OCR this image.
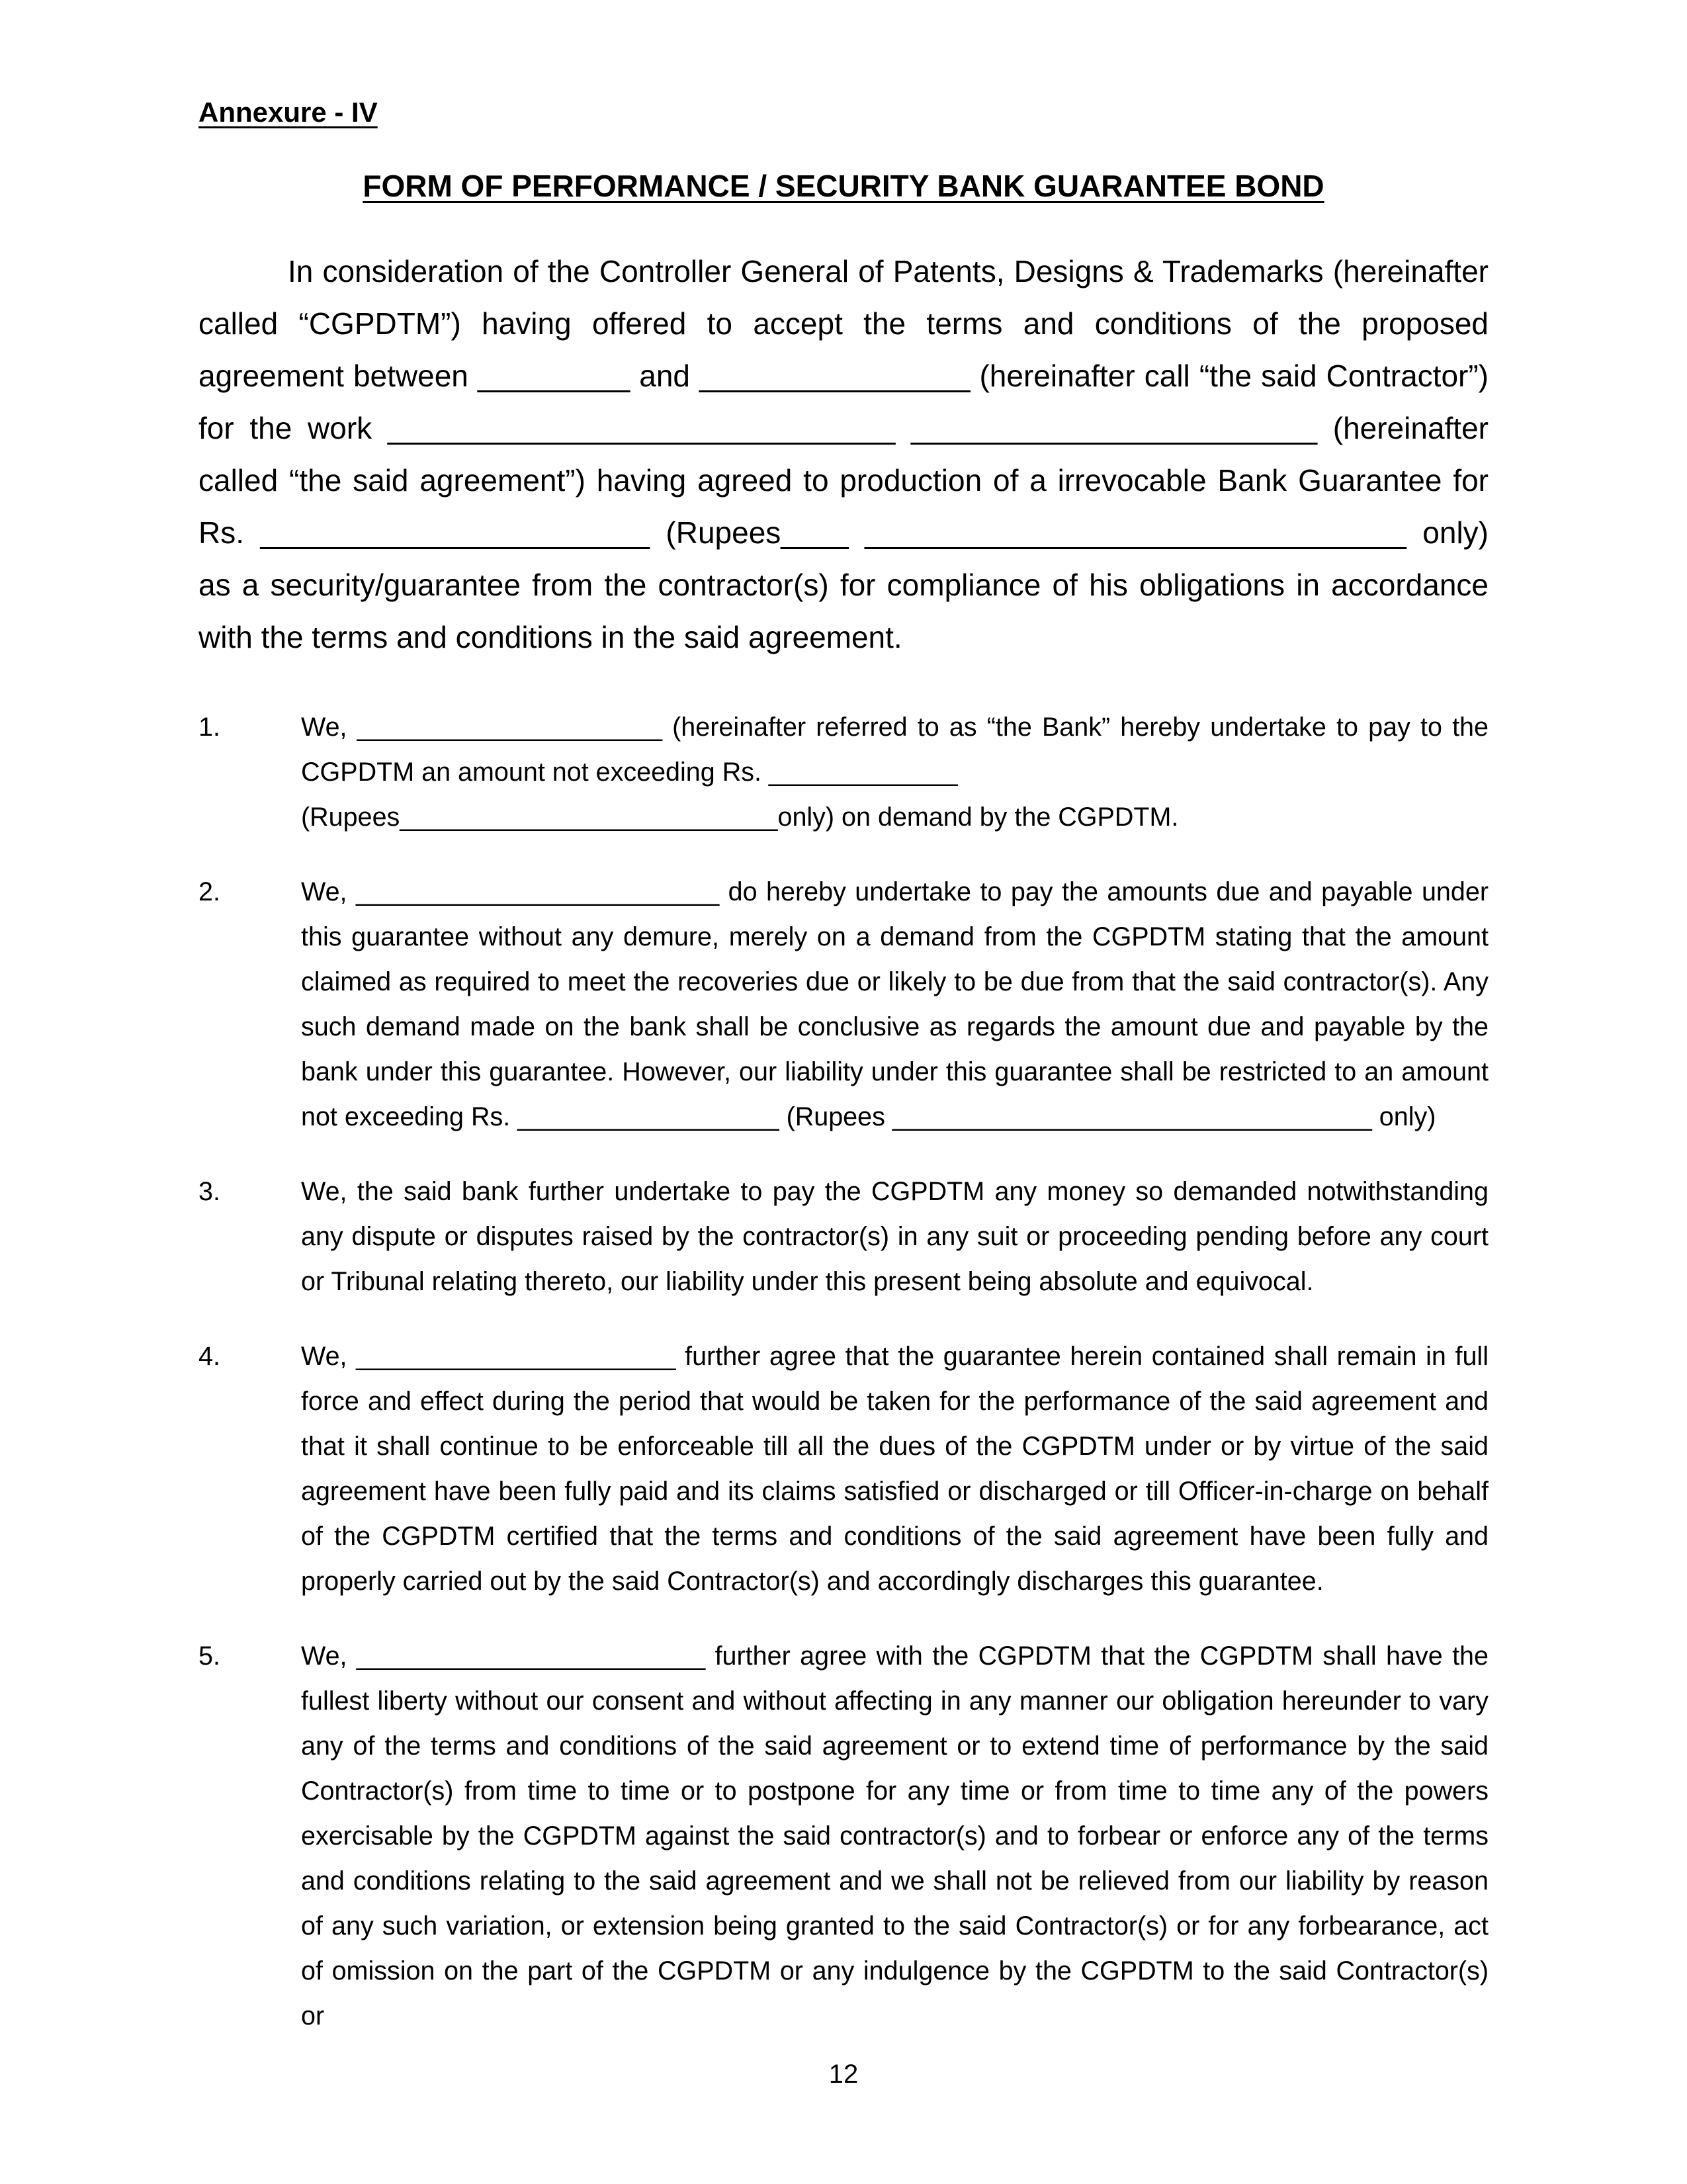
Annexure - IV
FORM OF PERFORMANCE / SECURITY BANK GUARANTEE BOND

In consideration of the Controller General of Patents, Designs & Trademarks (hereinafter called “CGPDTM”) having offered to accept the terms and conditions of the proposed agreement between _________ and ________________ (hereinafter call “the said Contractor”) for the work ______________________________ ________________________ (hereinafter called “the said agreement”) having agreed to production of a irrevocable Bank Guarantee for Rs. _______________________ (Rupees____ ________________________________ only) as a security/guarantee from the contractor(s) for compliance of his obligations in accordance with the terms and conditions in the said agreement.

1.	We, _____________________ (hereinafter referred to as “the Bank” hereby undertake to pay to the CGPDTM an amount not exceeding Rs. _____________
(Rupees__________________________only) on demand by the CGPDTM.
2.	We, _________________________ do hereby undertake to pay the amounts due and payable under this guarantee without any demure, merely on a demand from the CGPDTM stating that the amount claimed as required to meet the recoveries due or likely to be due from that the said contractor(s). Any such demand made on the bank shall be conclusive as regards the amount due and payable by the bank under this guarantee. However, our liability under this guarantee shall be restricted to an amount not exceeding Rs. __________________ (Rupees _________________________________ only)
3.	We, the said bank further undertake to pay the CGPDTM any money so demanded notwithstanding any dispute or disputes raised by the contractor(s) in any suit or proceeding pending before any court or Tribunal relating thereto, our liability under this present being absolute and equivocal.
4.	We, ______________________ further agree that the guarantee herein contained shall remain in full force and effect during the period that would be taken for the performance of the said agreement and that it shall continue to be enforceable till all the dues of the CGPDTM under or by virtue of the said agreement have been fully paid and its claims satisfied or discharged or till Officer-in-charge on behalf of the CGPDTM certified that the terms and conditions of the said agreement have been fully and properly carried out by the said Contractor(s) and accordingly discharges this guarantee.
5.	We, ________________________ further agree with the CGPDTM that the CGPDTM shall have the fullest liberty without our consent and without affecting in any manner our obligation hereunder to vary any of the terms and conditions of the said agreement or to extend time of performance by the said Contractor(s) from time to time or to postpone for any time or from time to time any of the powers exercisable by the CGPDTM against the said contractor(s) and to forbear or enforce any of the terms and conditions relating to the said agreement and we shall not be relieved from our liability by reason of any such variation, or extension being granted to the said Contractor(s) or for any forbearance, act of omission on the part of the CGPDTM or any indulgence by the CGPDTM to the said Contractor(s) or
12
